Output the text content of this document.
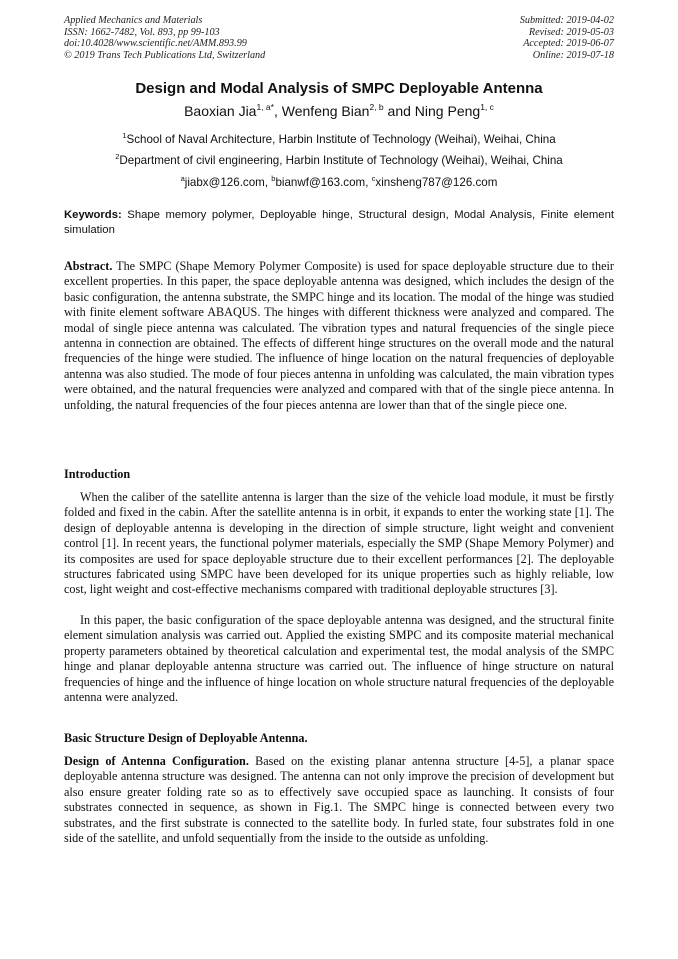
Applied Mechanics and Materials
ISSN: 1662-7482, Vol. 893, pp 99-103
doi:10.4028/www.scientific.net/AMM.893.99
© 2019 Trans Tech Publications Ltd, Switzerland
Submitted: 2019-04-02
Revised: 2019-05-03
Accepted: 2019-06-07
Online: 2019-07-18
Design and Modal Analysis of SMPC Deployable Antenna
Baoxian Jia$^{1, a*}$, Wenfeng Bian$^{2, b}$ and Ning Peng$^{1, c}$
$^1$School of Naval Architecture, Harbin Institute of Technology (Weihai), Weihai, China
$^2$Department of civil engineering, Harbin Institute of Technology (Weihai), Weihai, China
$^a$jiabx@126.com, $^b$bianwf@163.com, $^c$xinsheng787@126.com
Keywords: Shape memory polymer, Deployable hinge, Structural design, Modal Analysis, Finite element simulation

Abstract. The SMPC (Shape Memory Polymer Composite) is used for space deployable structure due to their excellent properties. In this paper, the space deployable antenna was designed, which includes the design of the basic configuration, the antenna substrate, the SMPC hinge and its location. The modal of the hinge was studied with finite element software ABAQUS. The hinges with different thickness were analyzed and compared. The modal of single piece antenna was calculated. The vibration types and natural frequencies of the single piece antenna in connection are obtained. The effects of different hinge structures on the overall mode and the natural frequencies of the hinge were studied. The influence of hinge location on the natural frequencies of deployable antenna was also studied. The mode of four pieces antenna in unfolding was calculated, the main vibration types were obtained, and the natural frequencies were analyzed and compared with that of the single piece antenna. In unfolding, the natural frequencies of the four pieces antenna are lower than that of the single piece one.

Introduction

When the caliber of the satellite antenna is larger than the size of the vehicle load module, it must be firstly folded and fixed in the cabin. After the satellite antenna is in orbit, it expands to enter the working state [1]. The design of deployable antenna is developing in the direction of simple structure, light weight and convenient control [1]. In recent years, the functional polymer materials, especially the SMP (Shape Memory Polymer) and its composites are used for space deployable structure due to their excellent performances [2]. The deployable structures fabricated using SMPC have been developed for its unique properties such as highly reliable, low cost, light weight and cost-effective mechanisms compared with traditional deployable structures [3].

In this paper, the basic configuration of the space deployable antenna was designed, and the structural finite element simulation analysis was carried out. Applied the existing SMPC and its composite material mechanical property parameters obtained by theoretical calculation and experimental test, the modal analysis of the SMPC hinge and planar deployable antenna structure was carried out. The influence of hinge structure on natural frequencies of hinge and the influence of hinge location on whole structure natural frequencies of the deployable antenna were analyzed.

Basic Structure Design of Deployable Antenna.

Design of Antenna Configuration. Based on the existing planar antenna structure [4-5], a planar space deployable antenna structure was designed. The antenna can not only improve the precision of development but also ensure greater folding rate so as to effectively save occupied space as launching. It consists of four substrates connected in sequence, as shown in Fig.1. The SMPC hinge is connected between every two substrates, and the first substrate is connected to the satellite body. In furled state, four substrates fold in one side of the satellite, and unfold sequentially from the inside to the outside as unfolding.
